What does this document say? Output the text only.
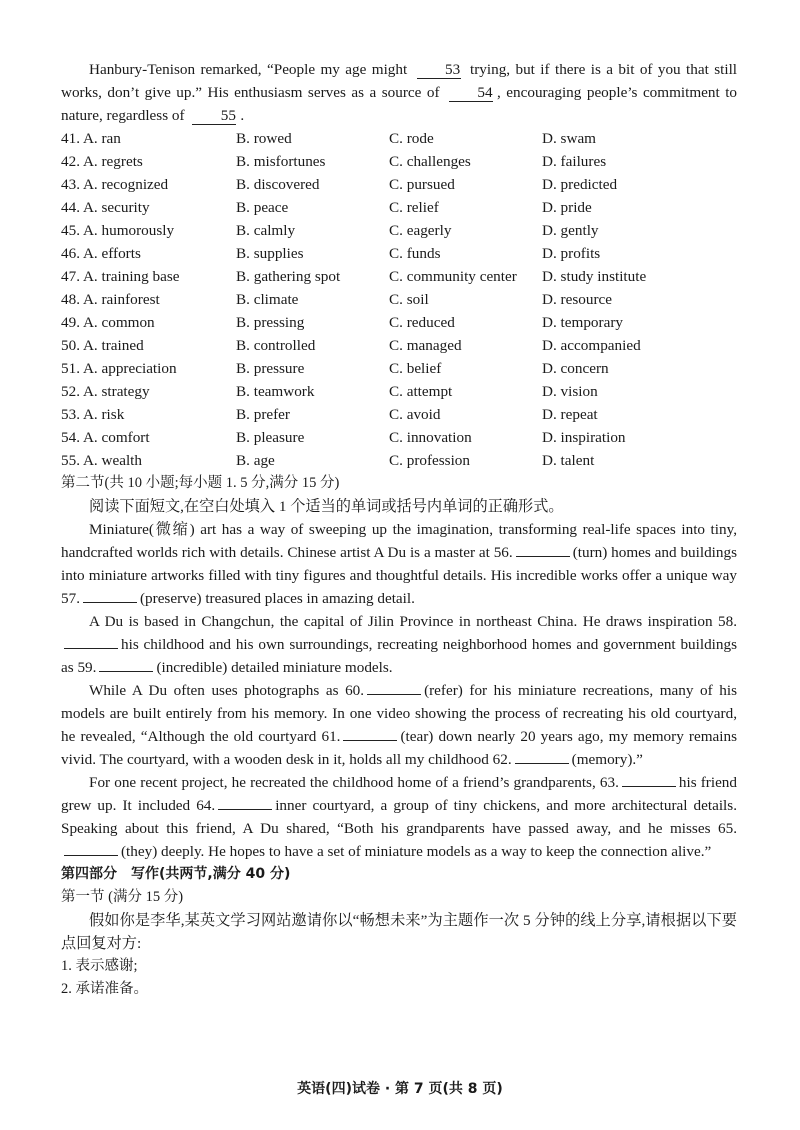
Hanbury-Tenison remarked, “People my age might 53 trying, but if there is a bit of you that still works, don’t give up.” His enthusiasm serves as a source of 54 , encouraging people’s commitment to nature, regardless of 55 .

41. A. ran	B. rowed	C. rode	D. swam
42. A. regrets	B. misfortunes	C. challenges	D. failures
43. A. recognized	B. discovered	C. pursued	D. predicted
44. A. security	B. peace	C. relief	D. pride
45. A. humorously	B. calmly	C. eagerly	D. gently
46. A. efforts	B. supplies	C. funds	D. profits
47. A. training base	B. gathering spot	C. community center	D. study institute
48. A. rainforest	B. climate	C. soil	D. resource
49. A. common	B. pressing	C. reduced	D. temporary
50. A. trained	B. controlled	C. managed	D. accompanied
51. A. appreciation	B. pressure	C. belief	D. concern
52. A. strategy	B. teamwork	C. attempt	D. vision
53. A. risk	B. prefer	C. avoid	D. repeat
54. A. comfort	B. pleasure	C. innovation	D. inspiration
55. A. wealth	B. age	C. profession	D. talent

第二节(共 10 小题;每小题 1. 5 分,满分 15 分)

阅读下面短文,在空白处填入 1 个适当的单词或括号内单词的正确形式。

Miniature(微缩) art has a way of sweeping up the imagination, transforming real-life spaces into tiny, handcrafted worlds rich with details. Chinese artist A Du is a master at 56.	(turn) homes and buildings into miniature artworks filled with tiny figures and thoughtful details. His incredible works offer a unique way 57.	(preserve) treasured places in amazing detail.

A Du is based in Changchun, the capital of Jilin Province in northeast China. He draws inspiration 58.his childhood and his own surroundings, recreating neighborhood homes and government buildings as 59.	(incredible) detailed miniature models.

While A Du often uses photographs as 60.	(refer) for his miniature recreations, many of his models are built entirely from his memory. In one video showing the process of recreating his old courtyard, he revealed, “Although the old courtyard 61.	(tear) down nearly 20 years ago, my memory remains vivid. The courtyard, with a wooden desk in it, holds all my childhood 62.	(memory).”

For one recent project, he recreated the childhood home of a friend’s grandparents, 63.	his friend grew up. It included 64.	inner courtyard, a group of tiny chickens, and more architectural details. Speaking about this friend, A Du shared, “Both his grandparents have passed away, and he misses 65.(they) deeply. He hopes to have a set of miniature models as a way to keep the connection alive.”

第四部分　写作(共两节,满分 40 分)

第一节 (满分 15 分)

假如你是李华,某英文学习网站邀请你以“畅想未来”为主题作一次 5 分钟的线上分享,请根据以下要点回复对方:

1. 表示感谢;

2. 承诺准备。

英语(四)试卷 · 第 7 页(共 8 页)
